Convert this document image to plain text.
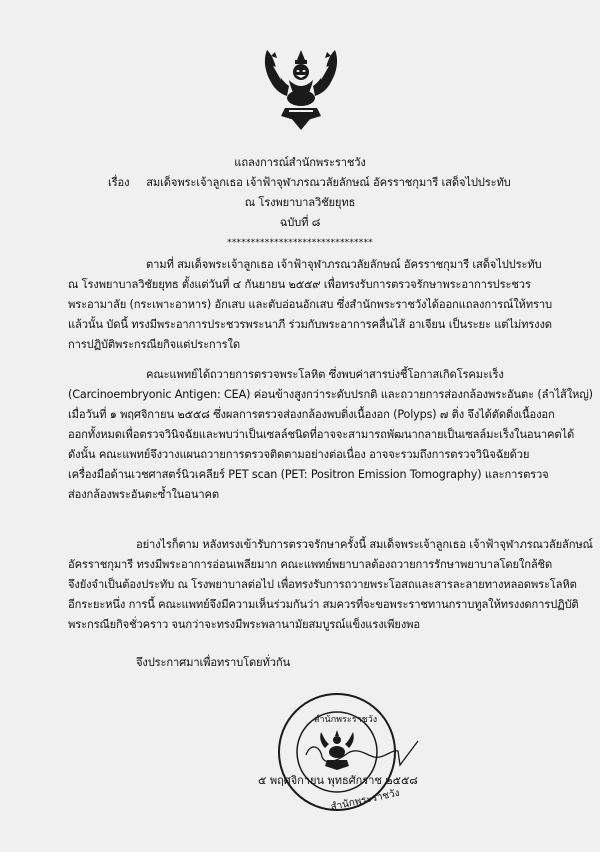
แถลงการณ์สำนักพระราชวัง
เรื่อง สมเด็จพระเจ้าลูกเธอ เจ้าฟ้าจุฬาภรณวลัยลักษณ์ อัครราชกุมารี เสด็จไปประทับ
ณ โรงพยาบาลวิชัยยุทธ
ฉบับที่ ๘
*******************************
ตามที่ สมเด็จพระเจ้าลูกเธอ เจ้าฟ้าจุฬาภรณวลัยลักษณ์ อัครราชกุมารี เสด็จไปประทับ
ณ โรงพยาบาลวิชัยยุทธ ตั้งแต่วันที่ ๔ กันยายน ๒๕๕๙ เพื่อทรงรับการตรวจรักษาพระอาการประชวร
พระอามาลัย (กระเพาะอาหาร) อักเสบ และตับอ่อนอักเสบ ซึ่งสำนักพระราชวังได้ออกแถลงการณ์ให้ทราบ
แล้วนั้น บัดนี้ ทรงมีพระอาการประชวรพระนาภี ร่วมกับพระอาการคลื่นไส้ อาเจียน เป็นระยะ แต่ไม่ทรงงด
การปฏิบัติพระกรณียกิจแต่ประการใด
คณะแพทย์ได้ถวายการตรวจพระโลหิต ซึ่งพบค่าสารบ่งชี้โอกาสเกิดโรคมะเร็ง
(Carcinoembryonic Antigen: CEA) ค่อนข้างสูงกว่าระดับปรกติ และถวายการส่องกล้องพระอันตะ (ลำไส้ใหญ่)
เมื่อวันที่ ๑ พฤศจิกายน ๒๕๕๘ ซึ่งผลการตรวจส่องกล้องพบติ่งเนื้องอก (Polyps) ๗ ติ่ง จึงได้ตัดติ่งเนื้องอก
ออกทั้งหมดเพื่อตรวจวินิจฉัยและพบว่าเป็นเซลล์ชนิดที่อาจจะสามารถพัฒนากลายเป็นเซลล์มะเร็งในอนาคตได้
ดังนั้น คณะแพทย์จึงวางแผนถวายการตรวจติดตามอย่างต่อเนื่อง อาจจะรวมถึงการตรวจวินิจฉัยด้วย
เครื่องมือด้านเวชศาสตร์นิวเคลียร์ PET scan (PET: Positron Emission Tomography) และการตรวจ
ส่องกล้องพระอันตะซ้ำในอนาคต
อย่างไรก็ตาม หลังทรงเข้ารับการตรวจรักษาครั้งนี้ สมเด็จพระเจ้าลูกเธอ เจ้าฟ้าจุฬาภรณวลัยลักษณ์
อัครราชกุมารี ทรงมีพระอาการอ่อนเพลียมาก คณะแพทย์พยาบาลต้องถวายการรักษาพยาบาลโดยใกล้ชิด
จึงยังจำเป็นต้องประทับ ณ โรงพยาบาลต่อไป เพื่อทรงรับการถวายพระโอสถและสารละลายทางหลอดพระโลหิต
อีกระยะหนึ่ง การนี้ คณะแพทย์จึงมีความเห็นร่วมกันว่า สมควรที่จะขอพระราชทานกราบทูลให้ทรงงดการปฏิบัติ
พระกรณียกิจชั่วคราว จนกว่าจะทรงมีพระพลานามัยสมบูรณ์แข็งแรงเพียงพอ
จึงประกาศมาเพื่อทราบโดยทั่วกัน
สำนักพระราชวัง
สำนักพระราชวัง
๕ พฤศจิกายน พุทธศักราช ๒๕๕๘
